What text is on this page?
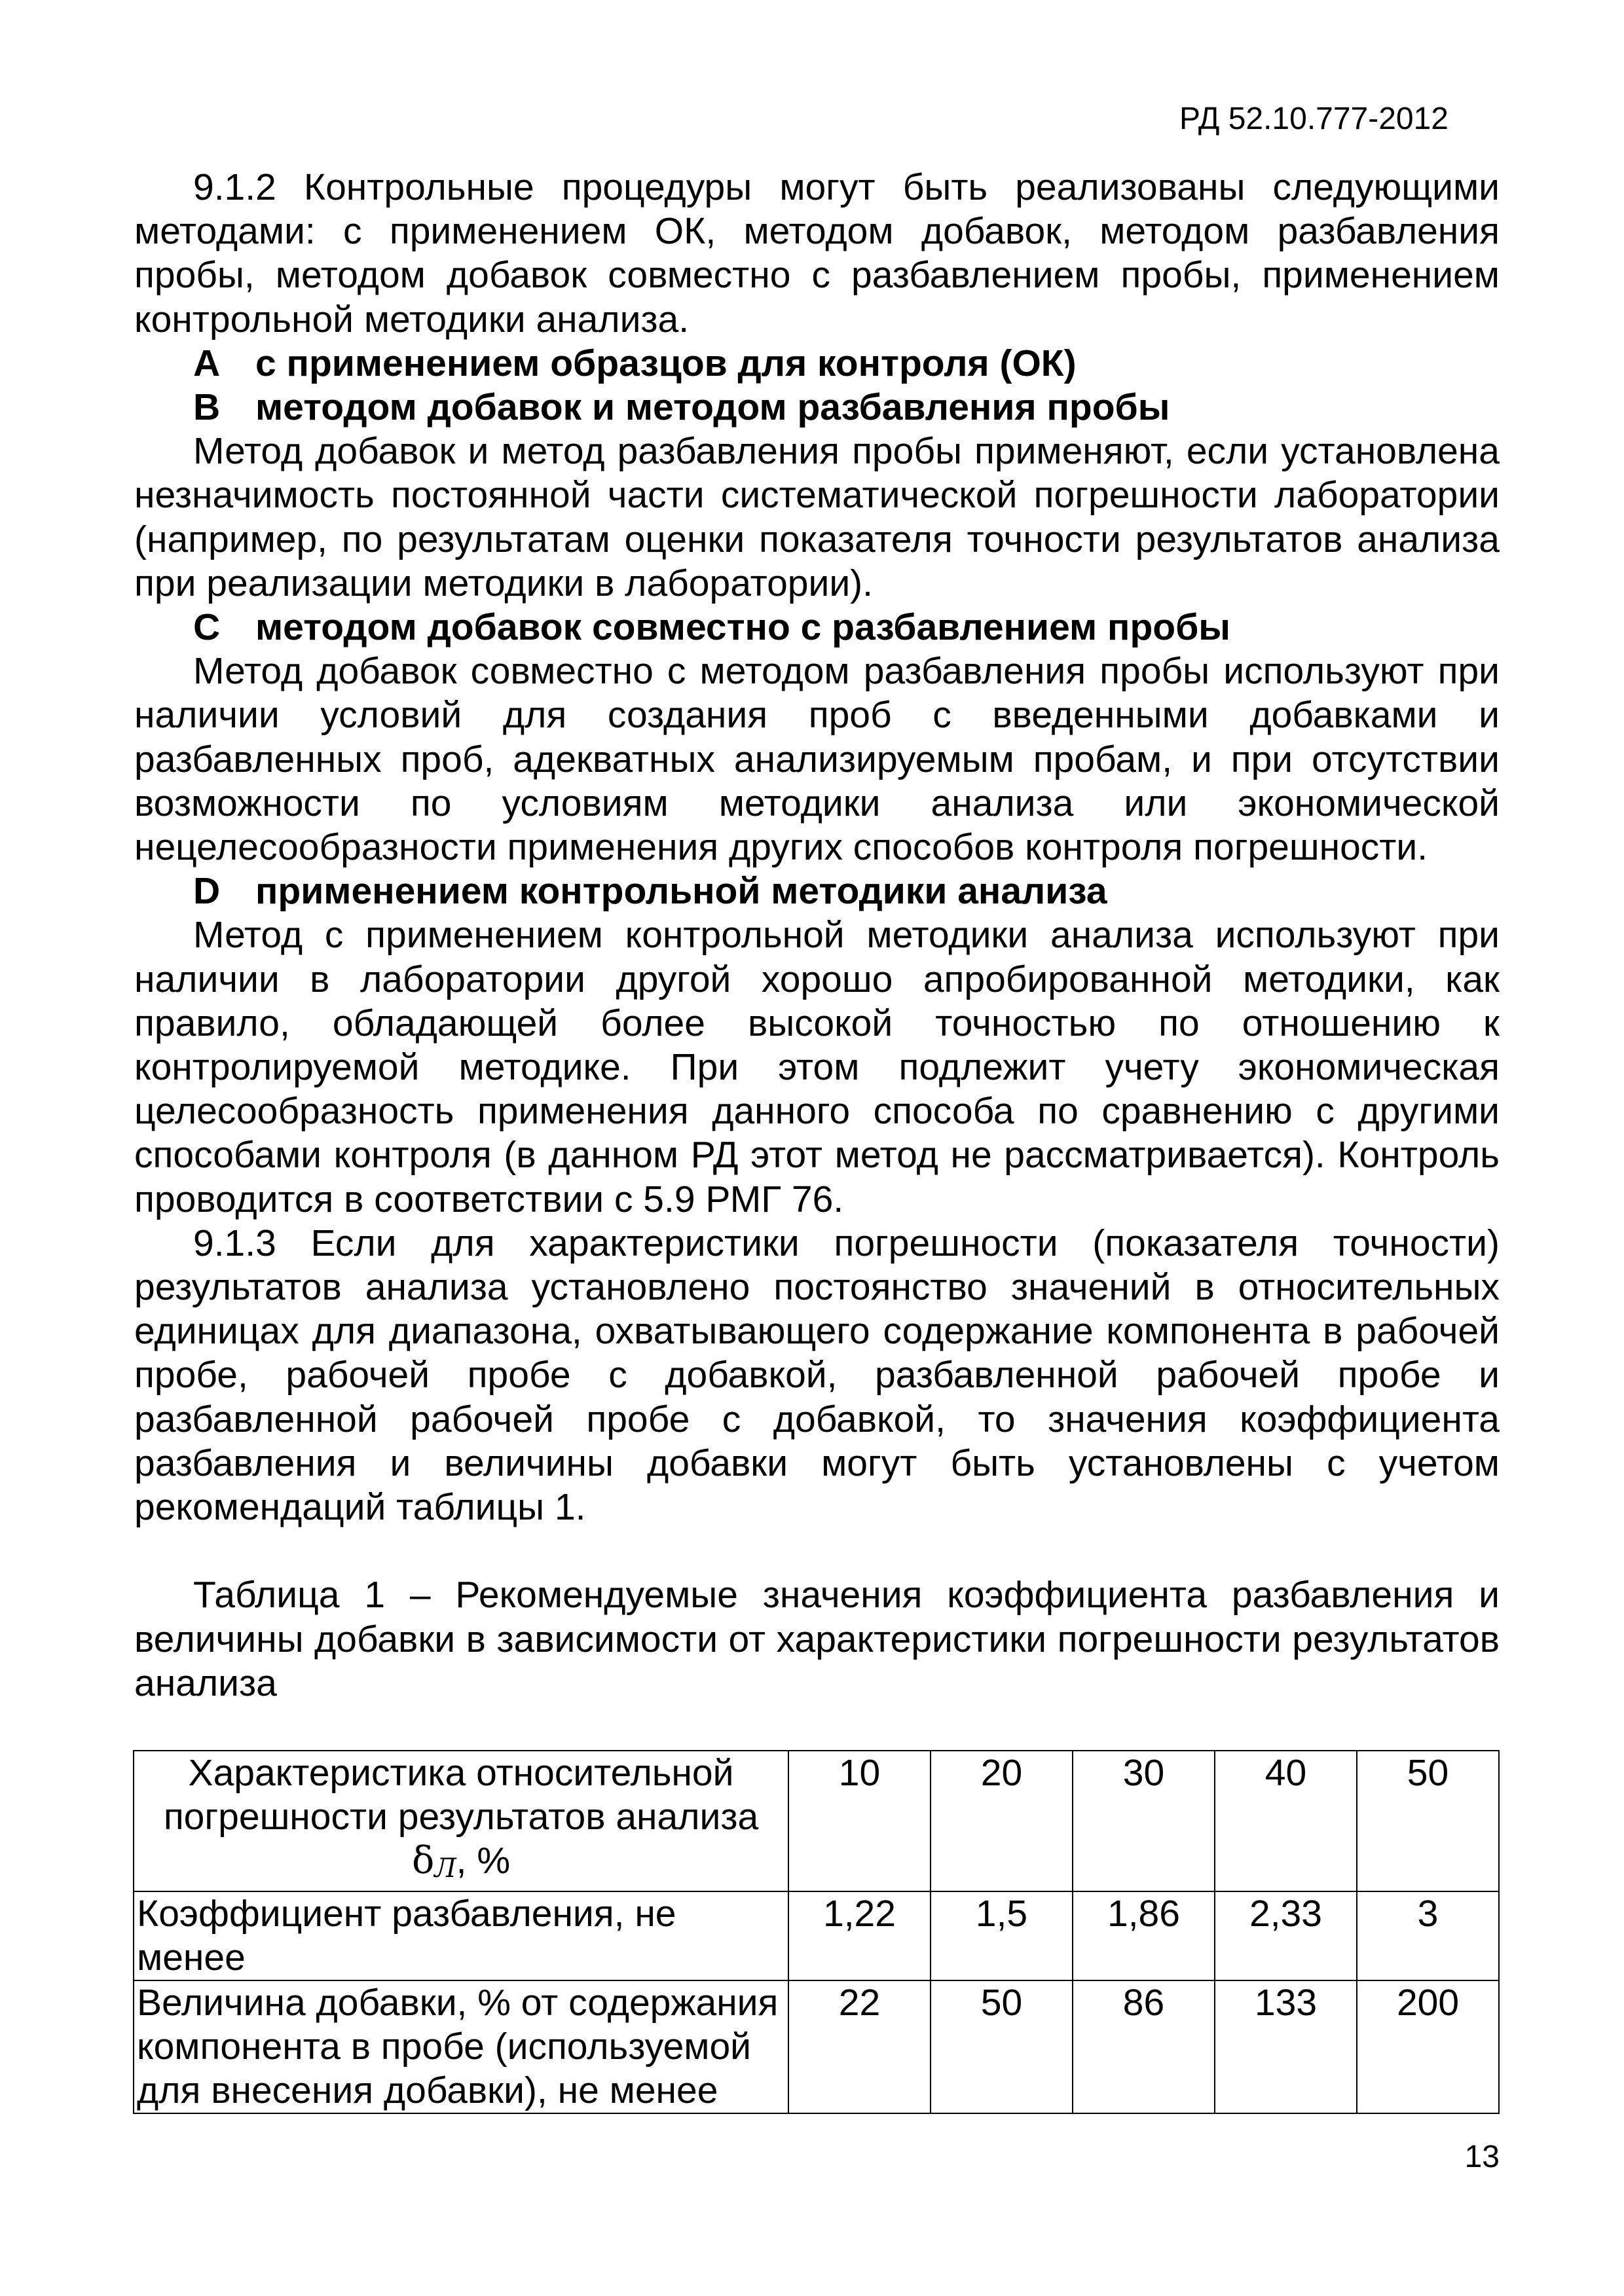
РД 52.10.777-2012

9.1.2 Контрольные процедуры могут быть реализованы следующими методами: с применением ОК, методом добавок, методом разбавления пробы, методом добавок совместно с разбавлением пробы, применением контрольной методики анализа.

А с применением образцов для контроля (ОК)
В методом добавок и методом разбавления пробы

Метод добавок и метод разбавления пробы применяют, если установлена незначимость постоянной части систематической погрешности лаборатории (например, по результатам оценки показателя точности результатов анализа при реализации методики в лаборатории).

С методом добавок совместно с разбавлением пробы

Метод добавок совместно с методом разбавления пробы используют при наличии условий для создания проб с введенными добавками и разбавленных проб, адекватных анализируемым пробам, и при отсутствии возможности по условиям методики анализа или экономической нецелесообразности применения других способов контроля погрешности.

D применением контрольной методики анализа

Метод с применением контрольной методики анализа используют при наличии в лаборатории другой хорошо апробированной методики, как правило, обладающей более высокой точностью по отношению к контролируемой методике. При этом подлежит учету экономическая целесообразность применения данного способа по сравнению с другими способами контроля (в данном РД этот метод не рассматривается). Контроль проводится в соответствии с 5.9 РМГ 76.

9.1.3 Если для характеристики погрешности (показателя точности) результатов анализа установлено постоянство значений в относительных единицах для диапазона, охватывающего содержание компонента в рабочей пробе, рабочей пробе с добавкой, разбавленной рабочей пробе и разбавленной рабочей пробе с добавкой, то значения коэффициента разбавления и величины добавки могут быть установлены с учетом рекомендаций таблицы 1.

Таблица 1 – Рекомендуемые значения коэффициента разбавления и величины добавки в зависимости от характеристики погрешности результатов анализа

Характеристика относительной погрешности результатов анализа
$\delta_Л$, %	10	20	30	40	50
Коэффициент разбавления, не менее	1,22	1,5	1,86	2,33	3
Величина добавки, % от содержания компонента в пробе (используемой для внесения добавки), не менее	22	50	86	133	200
13
